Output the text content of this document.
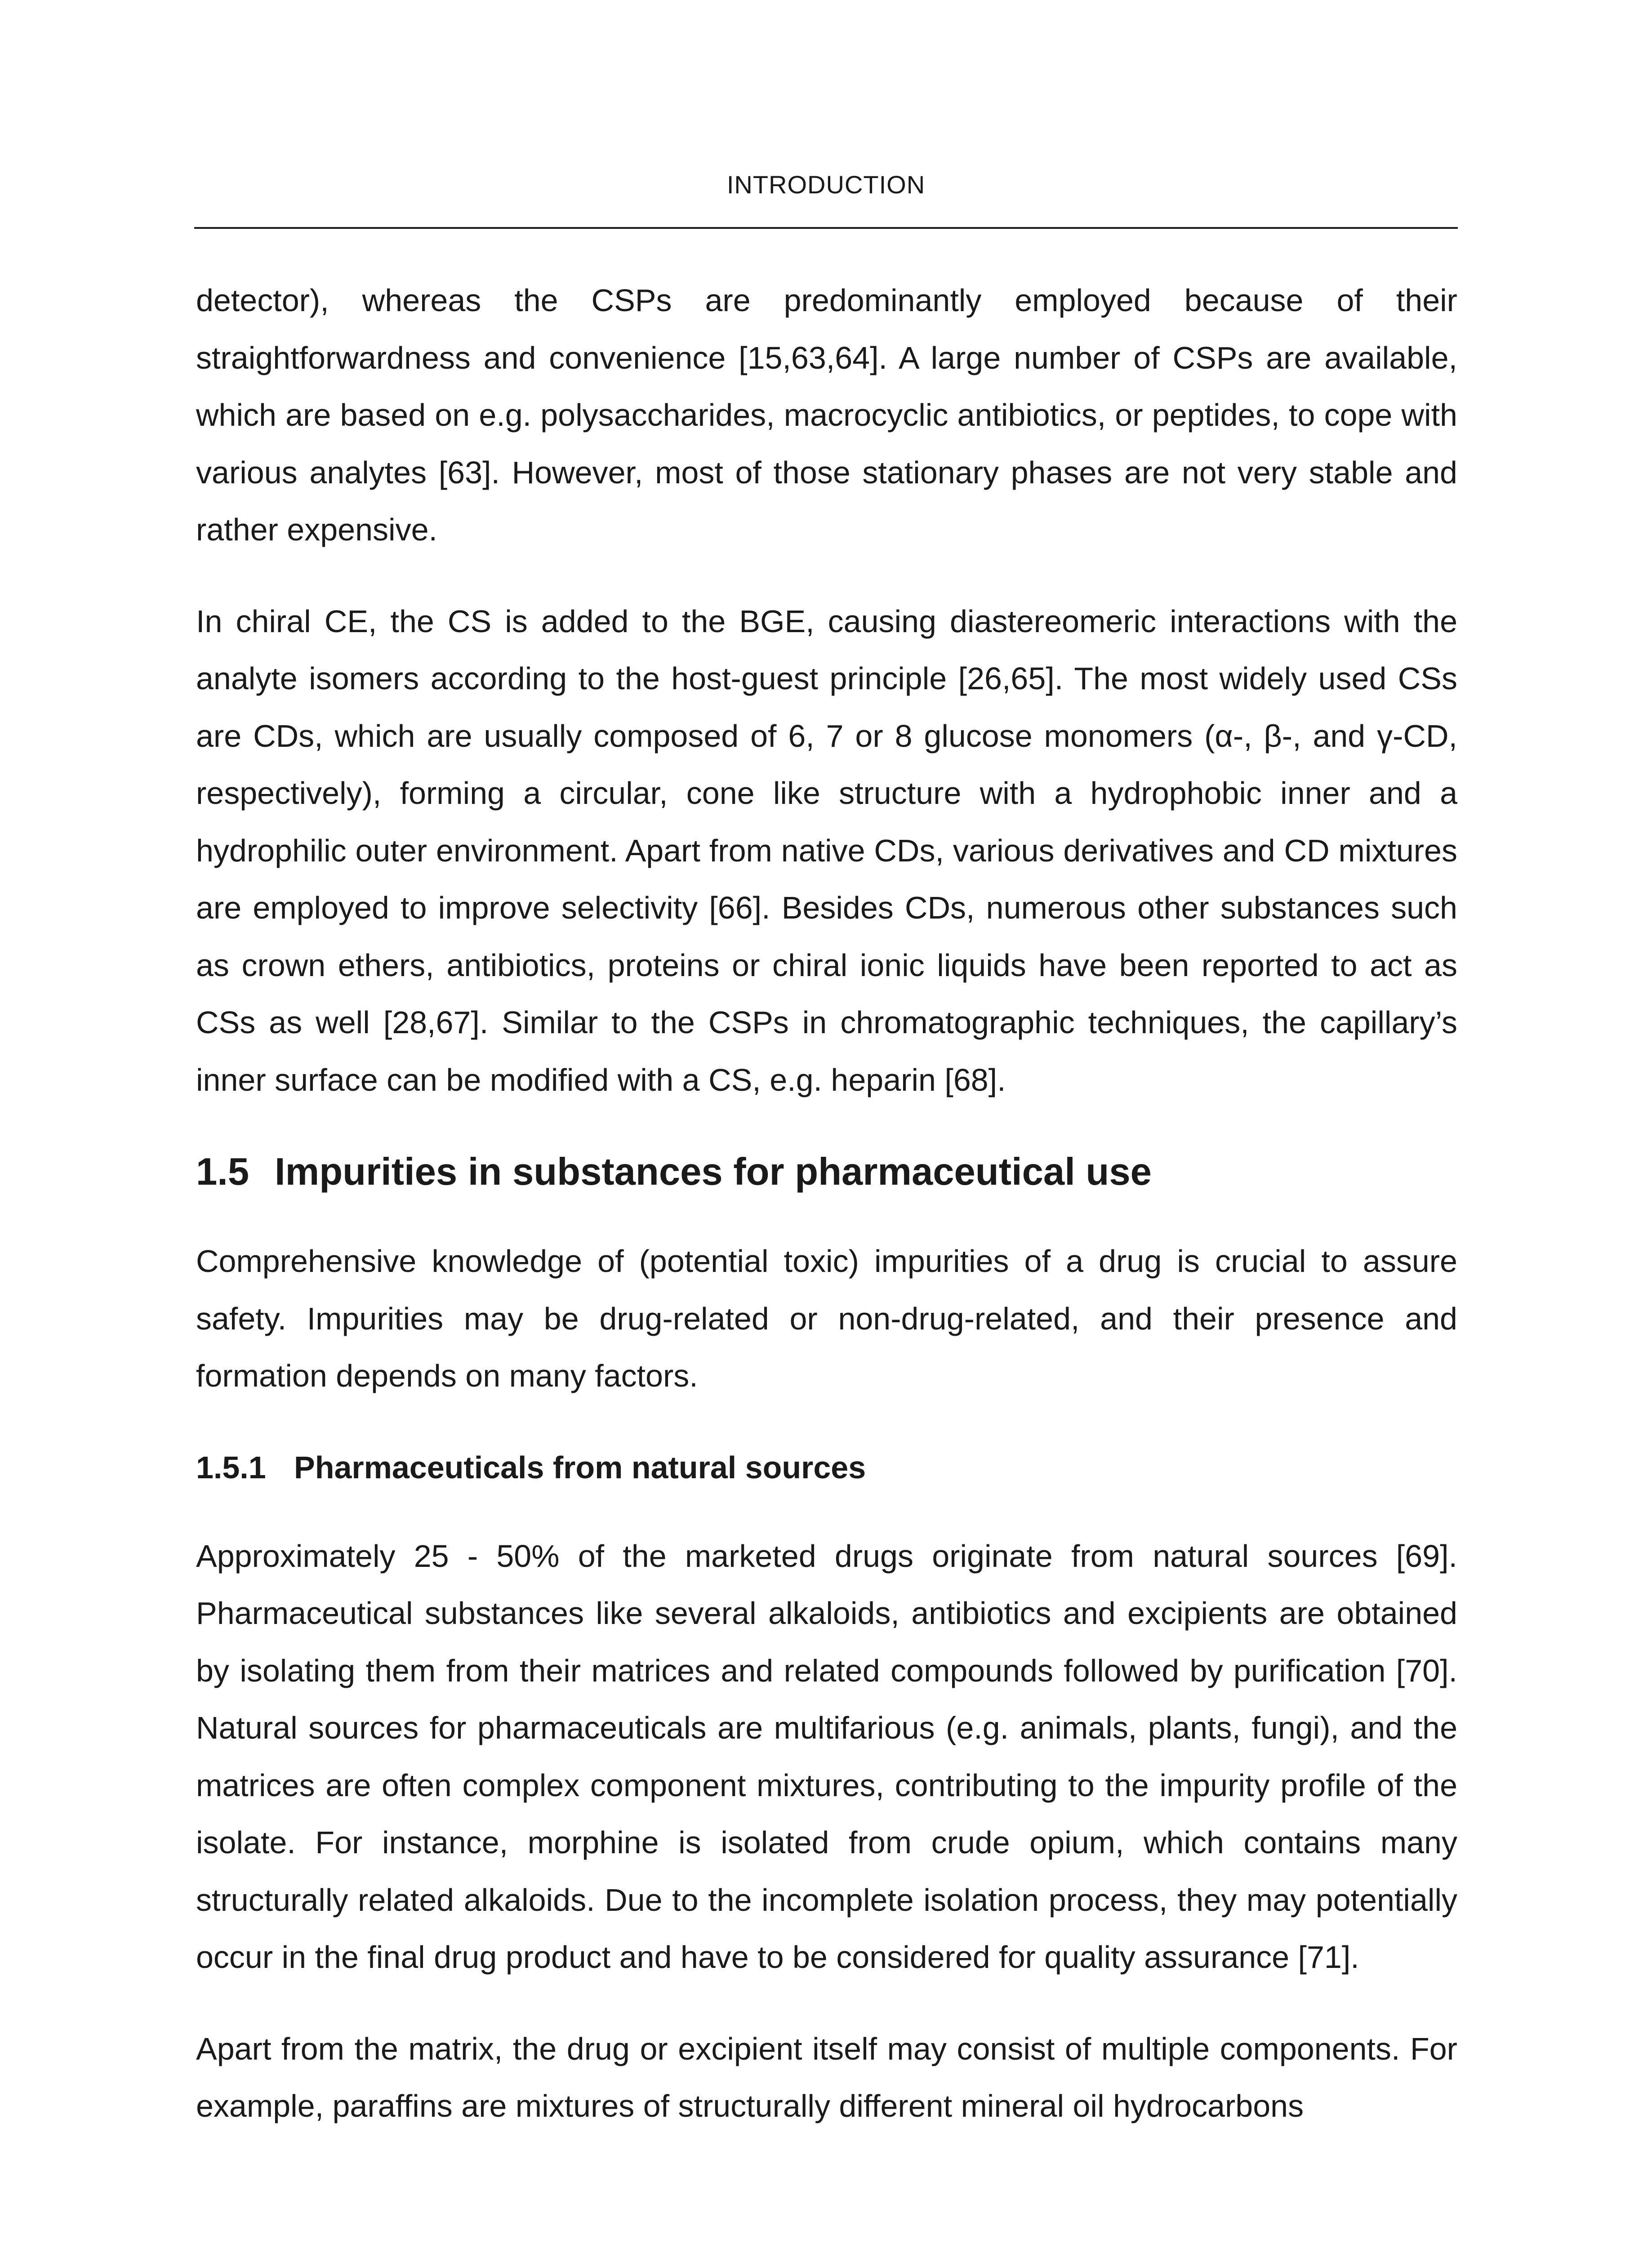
INTRODUCTION

detector), whereas the CSPs are predominantly employed because of their straightforwardness and convenience [15,63,64]. A large number of CSPs are available, which are based on e.g. polysaccharides, macrocyclic antibiotics, or peptides, to cope with various analytes [63]. However, most of those stationary phases are not very stable and rather expensive.

In chiral CE, the CS is added to the BGE, causing diastereomeric interactions with the analyte isomers according to the host-guest principle [26,65]. The most widely used CSs are CDs, which are usually composed of 6, 7 or 8 glucose monomers (α-, β-, and γ-CD, respectively), forming a circular, cone like structure with a hydrophobic inner and a hydrophilic outer environment. Apart from native CDs, various derivatives and CD mixtures are employed to improve selectivity [66]. Besides CDs, numerous other substances such as crown ethers, antibiotics, proteins or chiral ionic liquids have been reported to act as CSs as well [28,67]. Similar to the CSPs in chromatographic techniques, the capillary’s inner surface can be modified with a CS, e.g. heparin [68].

1.5 Impurities in substances for pharmaceutical use

Comprehensive knowledge of (potential toxic) impurities of a drug is crucial to assure safety. Impurities may be drug-related or non-drug-related, and their presence and formation depends on many factors.

1.5.1 Pharmaceuticals from natural sources

Approximately 25 - 50% of the marketed drugs originate from natural sources [69]. Pharmaceutical substances like several alkaloids, antibiotics and excipients are obtained by isolating them from their matrices and related compounds followed by purification [70]. Natural sources for pharmaceuticals are multifarious (e.g. animals, plants, fungi), and the matrices are often complex component mixtures, contributing to the impurity profile of the isolate. For instance, morphine is isolated from crude opium, which contains many structurally related alkaloids. Due to the incomplete isolation process, they may potentially occur in the final drug product and have to be considered for quality assurance [71].

Apart from the matrix, the drug or excipient itself may consist of multiple components. For example, paraffins are mixtures of structurally different mineral oil hydrocarbons
